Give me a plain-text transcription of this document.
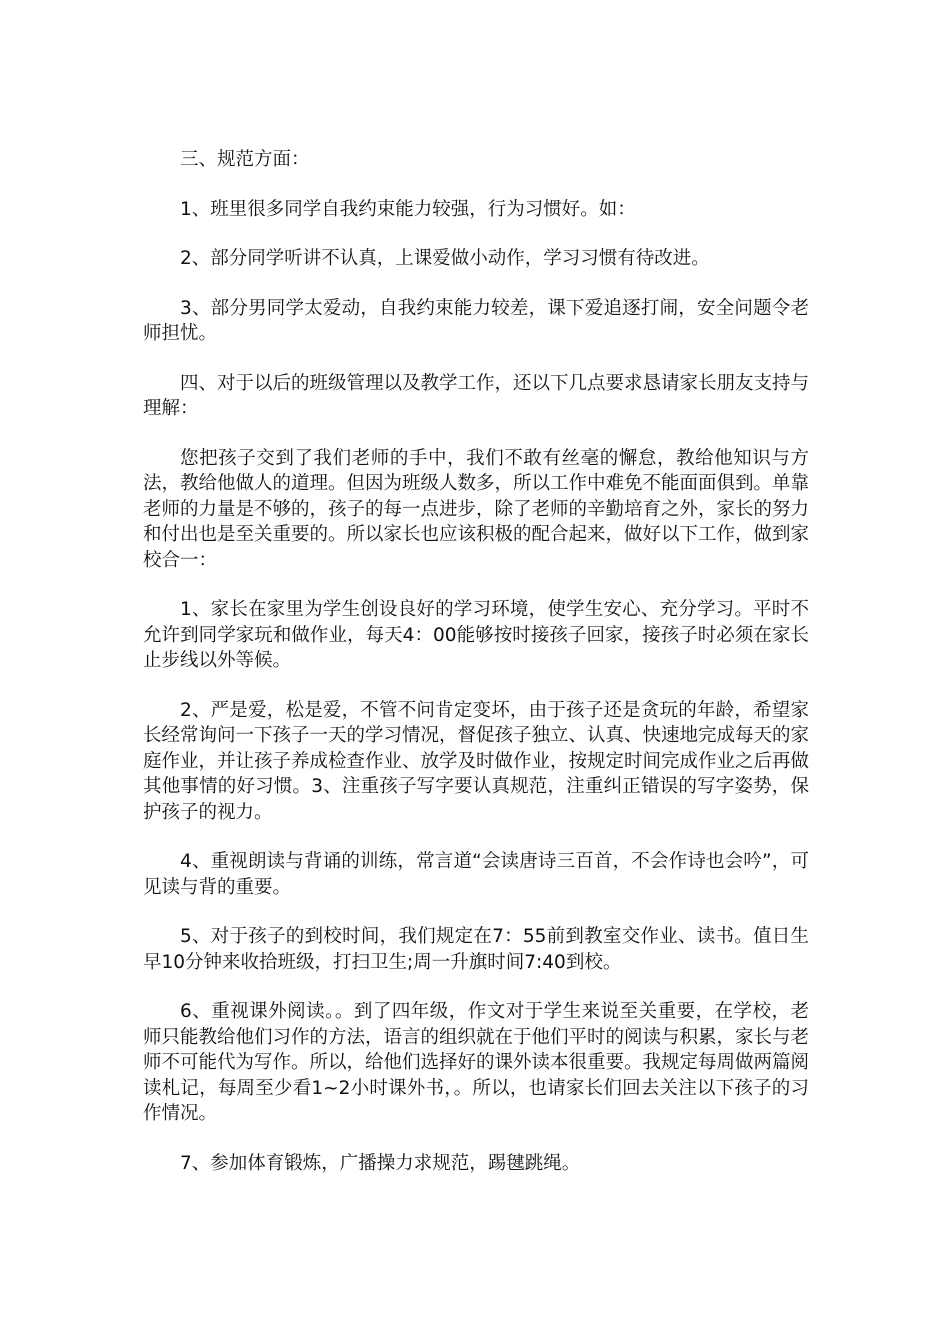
三、规范方面：

1、班里很多同学自我约束能力较强，行为习惯好。如：

2、部分同学听讲不认真，上课爱做小动作，学习习惯有待改进。

3、部分男同学太爱动，自我约束能力较差，课下爱追逐打闹，安全问题令老师担忧。

四、对于以后的班级管理以及教学工作，还以下几点要求恳请家长朋友支持与理解：

您把孩子交到了我们老师的手中，我们不敢有丝毫的懈怠，教给他知识与方法，教给他做人的道理。但因为班级人数多，所以工作中难免不能面面俱到。单靠老师的力量是不够的，孩子的每一点进步，除了老师的辛勤培育之外，家长的努力和付出也是至关重要的。所以家长也应该积极的配合起来，做好以下工作，做到家校合一：

1、家长在家里为学生创设良好的学习环境，使学生安心、充分学习。平时不允许到同学家玩和做作业，每天4：00能够按时接孩子回家，接孩子时必须在家长止步线以外等候。

2、严是爱，松是爱，不管不问肯定变坏，由于孩子还是贪玩的年龄，希望家长经常询问一下孩子一天的学习情况，督促孩子独立、认真、快速地完成每天的家庭作业，并让孩子养成检查作业、放学及时做作业，按规定时间完成作业之后再做其他事情的好习惯。3、注重孩子写字要认真规范，注重纠正错误的写字姿势，保护孩子的视力。

4、重视朗读与背诵的训练，常言道“会读唐诗三百首，不会作诗也会吟”，可见读与背的重要。

5、对于孩子的到校时间，我们规定在7：55前到教室交作业、读书。值日生早10分钟来收拾班级，打扫卫生;周一升旗时间7:40到校。

6、重视课外阅读。。到了四年级，作文对于学生来说至关重要，在学校，老师只能教给他们习作的方法，语言的组织就在于他们平时的阅读与积累，家长与老师不可能代为写作。所以，给他们选择好的课外读本很重要。我规定每周做两篇阅读札记，每周至少看1~2小时课外书，。所以，也请家长们回去关注以下孩子的习作情况。

7、参加体育锻炼，广播操力求规范，踢毽跳绳。
